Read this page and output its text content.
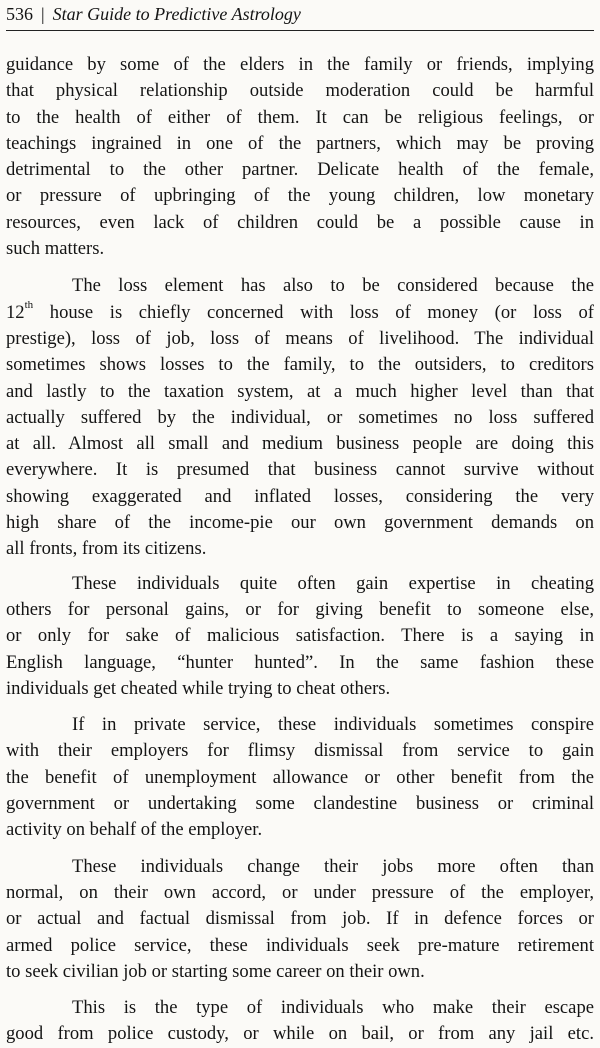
536 | Star Guide to Predictive Astrology
guidance by some of the elders in the family or friends, implying
that physical relationship outside moderation could be harmful
to the health of either of them. It can be religious feelings, or
teachings ingrained in one of the partners, which may be proving
detrimental to the other partner. Delicate health of the female,
or pressure of upbringing of the young children, low monetary
resources, even lack of children could be a possible cause in
such matters.
The loss element has also to be considered because the
12th house is chiefly concerned with loss of money (or loss of
prestige), loss of job, loss of means of livelihood. The individual
sometimes shows losses to the family, to the outsiders, to creditors
and lastly to the taxation system, at a much higher level than that
actually suffered by the individual, or sometimes no loss suffered
at all. Almost all small and medium business people are doing this
everywhere. It is presumed that business cannot survive without
showing exaggerated and inflated losses, considering the very
high share of the income-pie our own government demands on
all fronts, from its citizens.
These individuals quite often gain expertise in cheating
others for personal gains, or for giving benefit to someone else,
or only for sake of malicious satisfaction. There is a saying in
English language, “hunter hunted”. In the same fashion these
individuals get cheated while trying to cheat others.
If in private service, these individuals sometimes conspire
with their employers for flimsy dismissal from service to gain
the benefit of unemployment allowance or other benefit from the
government or undertaking some clandestine business or criminal
activity on behalf of the employer.
These individuals change their jobs more often than
normal, on their own accord, or under pressure of the employer,
or actual and factual dismissal from job. If in defence forces or
armed police service, these individuals seek pre-mature retirement
to seek civilian job or starting some career on their own.
This is the type of individuals who make their escape
good from police custody, or while on bail, or from any jail etc.
